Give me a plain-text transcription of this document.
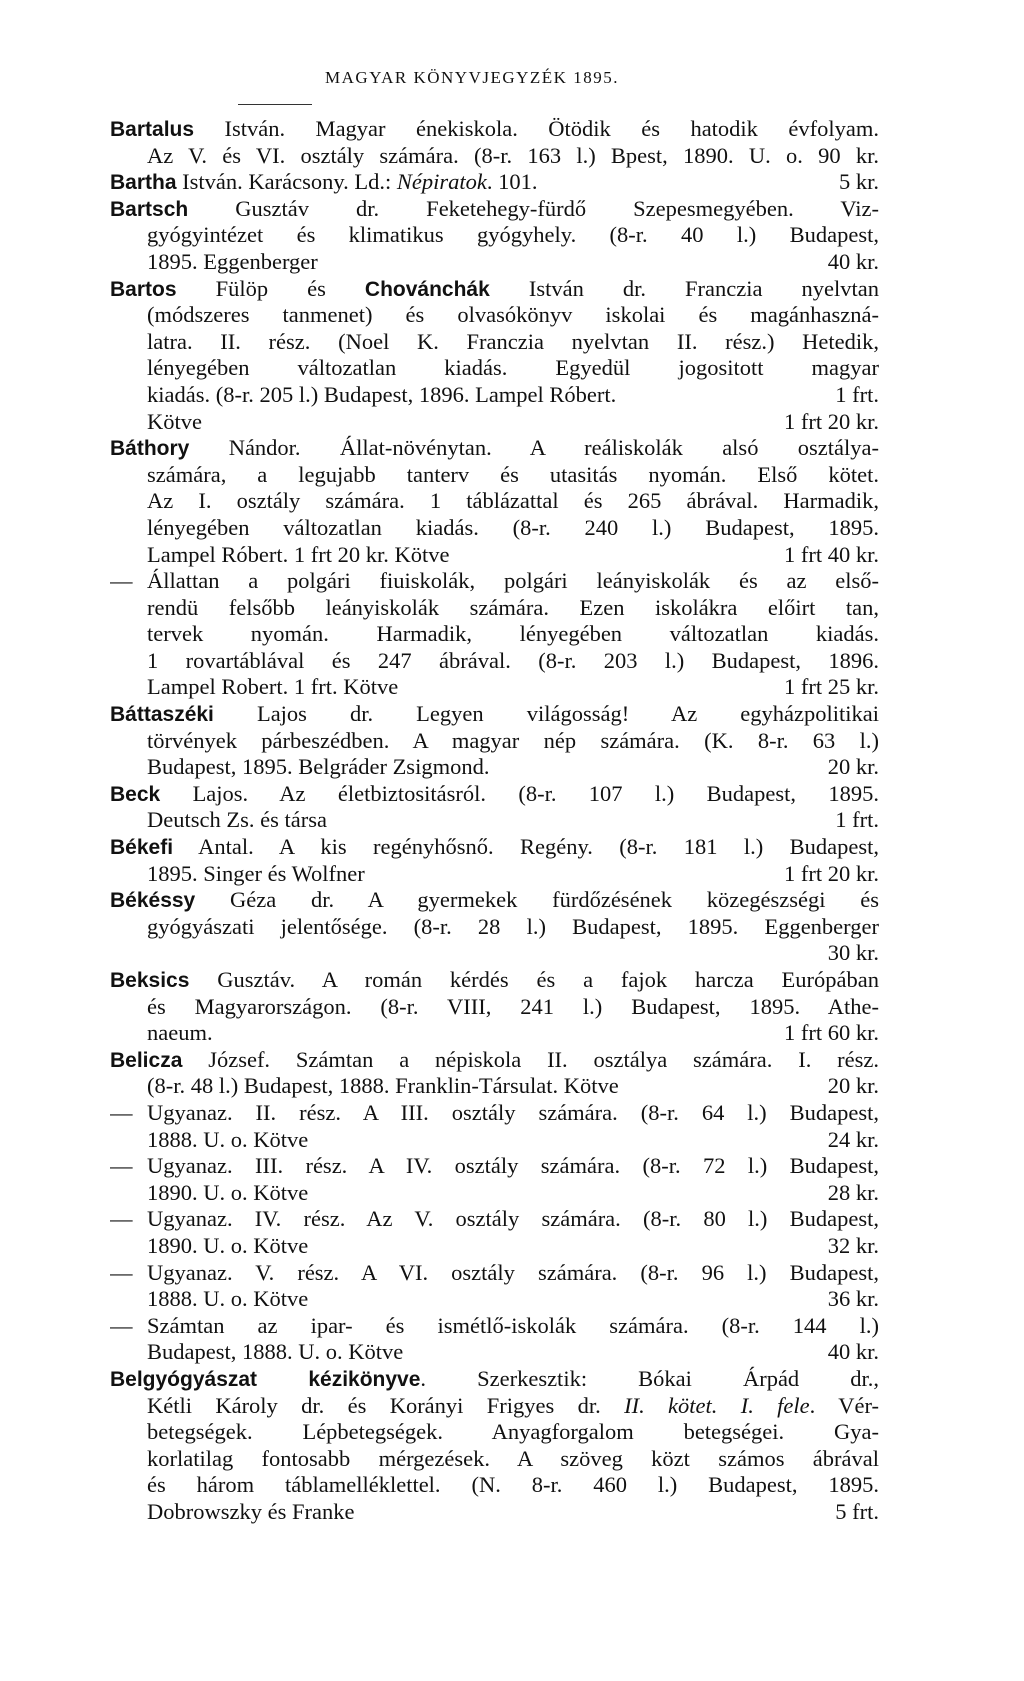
MAGYAR KÖNYVJEGYZÉK 1895.
Bartalus István. Magyar énekiskola. Ötödik és hatodik évfolyam.
Az V. és VI. osztály számára. (8-r. 163 l.) Bpest, 1890. U. o. 90 kr.
Bartha István. Karácsony. Ld.: Népiratok. 101.	5 kr.
Bartsch Gusztáv dr. Feketehegy-fürdő Szepesmegyében. Viz-
gyógyintézet és klimatikus gyógyhely. (8-r. 40 l.) Budapest,
1895. Eggenberger	40 kr.
Bartos Fülöp és Chovánchák István dr. Franczia nyelvtan
(módszeres tanmenet) és olvasókönyv iskolai és magánhaszná-
latra. II. rész. (Noel K. Franczia nyelvtan II. rész.) Hetedik,
lényegében változatlan kiadás. Egyedül jogositott magyar
kiadás. (8-r. 205 l.) Budapest, 1896. Lampel Róbert.	1 frt.
Kötve	1 frt 20 kr.
Báthory Nándor. Állat-növénytan. A reáliskolák alsó osztálya-
számára, a legujabb tanterv és utasitás nyomán. Első kötet.
Az I. osztály számára. 1 táblázattal és 265 ábrával. Harmadik,
lényegében változatlan kiadás. (8-r. 240 l.) Budapest, 1895.
Lampel Róbert. 1 frt 20 kr. Kötve	1 frt 40 kr.
— Állattan a polgári fiuiskolák, polgári leányiskolák és az első-
rendü felsőbb leányiskolák számára. Ezen iskolákra előirt tan,
tervek nyomán. Harmadik, lényegében változatlan kiadás.
1 rovartáblával és 247 ábrával. (8-r. 203 l.) Budapest, 1896.
Lampel Robert. 1 frt. Kötve	1 frt 25 kr.
Báttaszéki Lajos dr. Legyen világosság! Az egyházpolitikai
törvények párbeszédben. A magyar nép számára. (K. 8-r. 63 l.)
Budapest, 1895. Belgráder Zsigmond.	20 kr.
Beck Lajos. Az életbiztositásról. (8-r. 107 l.) Budapest, 1895.
Deutsch Zs. és társa	1 frt.
Békefi Antal. A kis regényhősnő. Regény. (8-r. 181 l.) Budapest,
1895. Singer és Wolfner	1 frt 20 kr.
Békéssy Géza dr. A gyermekek fürdőzésének közegészségi és
gyógyászati jelentősége. (8-r. 28 l.) Budapest, 1895. Eggenberger
30 kr.
Beksics Gusztáv. A román kérdés és a fajok harcza Európában
és Magyarországon. (8-r. VIII, 241 l.) Budapest, 1895. Athe-
naeum.	1 frt 60 kr.
Belicza József. Számtan a népiskola II. osztálya számára. I. rész.
(8-r. 48 l.) Budapest, 1888. Franklin-Társulat. Kötve	20 kr.
— Ugyanaz. II. rész. A III. osztály számára. (8-r. 64 l.) Budapest,
1888. U. o. Kötve	24 kr.
— Ugyanaz. III. rész. A IV. osztály számára. (8-r. 72 l.) Budapest,
1890. U. o. Kötve	28 kr.
— Ugyanaz. IV. rész. Az V. osztály számára. (8-r. 80 l.) Budapest,
1890. U. o. Kötve	32 kr.
— Ugyanaz. V. rész. A VI. osztály számára. (8-r. 96 l.) Budapest,
1888. U. o. Kötve	36 kr.
— Számtan az ipar- és ismétlő-iskolák számára. (8-r. 144 l.)
Budapest, 1888. U. o. Kötve	40 kr.
Belgyógyászat kézikönyve. Szerkesztik: Bókai Árpád dr.,
Kétli Károly dr. és Korányi Frigyes dr. II. kötet. I. fele. Vér-
betegségek. Lépbetegségek. Anyagforgalom betegségei. Gya-
korlatilag fontosabb mérgezések. A szöveg közt számos ábrával
és három táblamelléklettel. (N. 8-r. 460 l.) Budapest, 1895.
Dobrowszky és Franke	5 frt.
